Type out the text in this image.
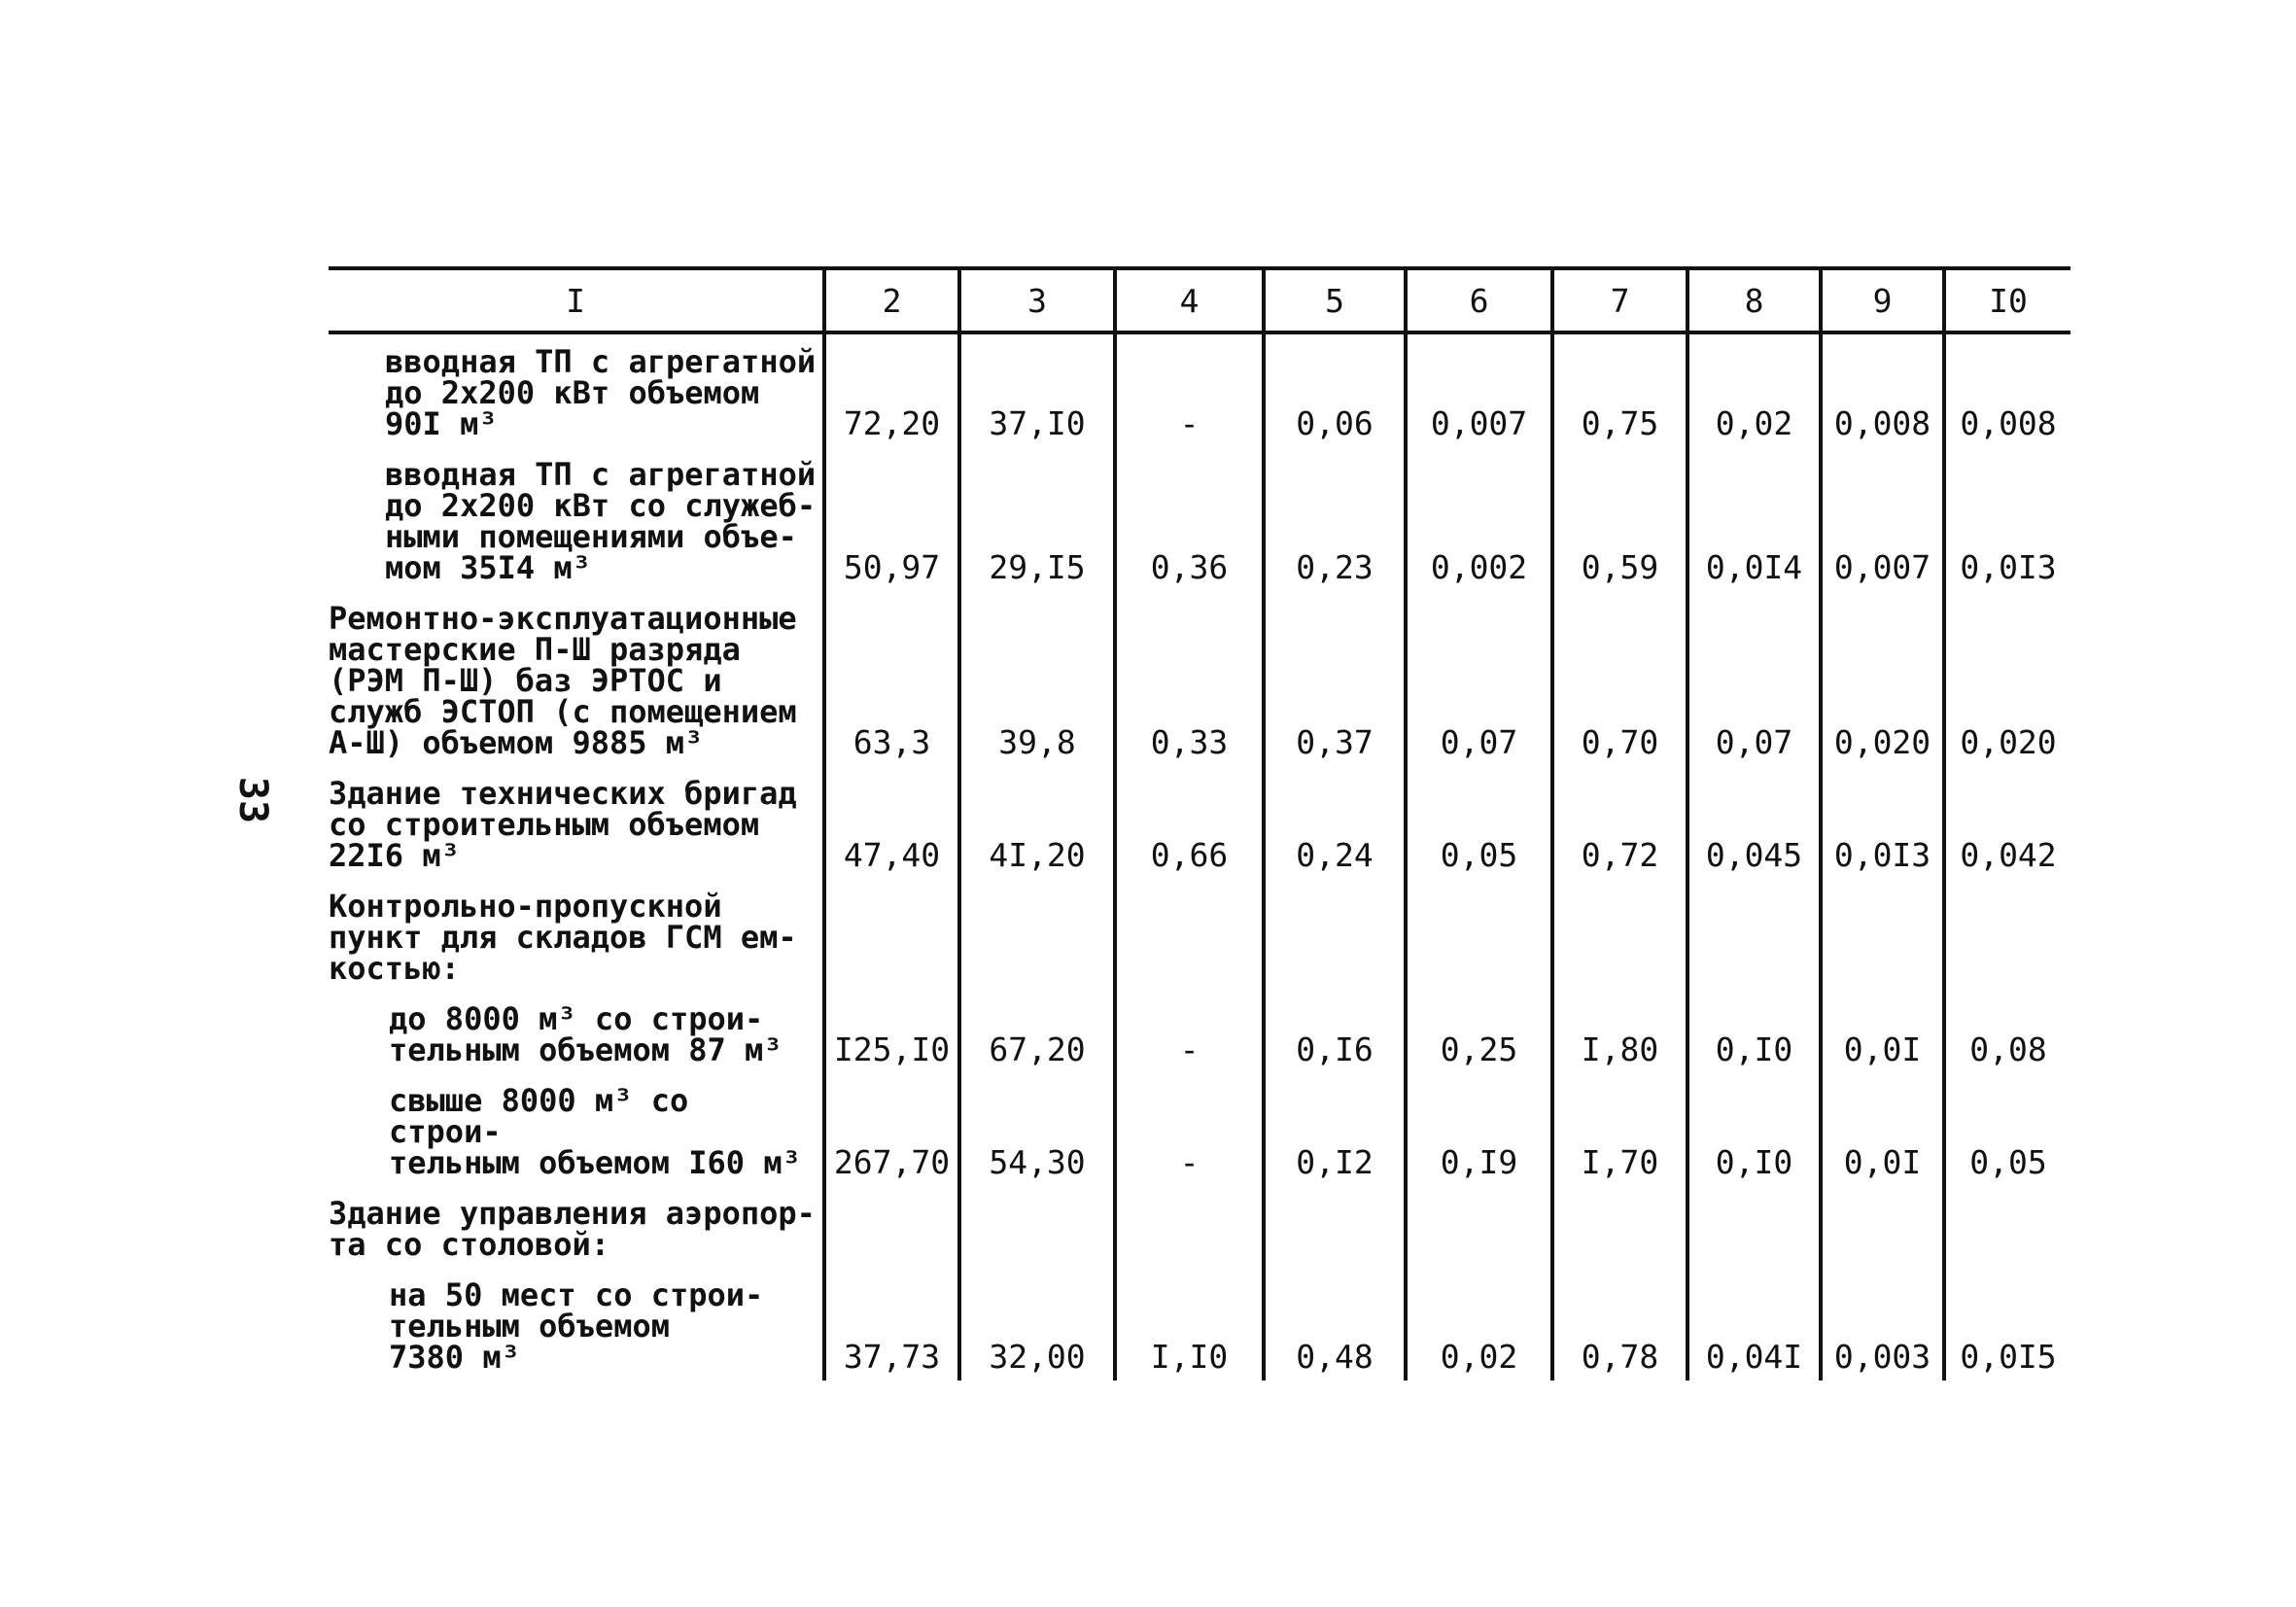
33
I	2	3	4	5	6	7	8	9	I0
вводная ТП с агрегатной
до 2х200 кВт объемом
90I м³	72,20	37,I0	-	0,06	0,007	0,75	0,02	0,008	0,008
вводная ТП с агрегатной
до 2х200 кВт со служеб-
ными помещениями объе-
мом 35I4 м³	50,97	29,I5	0,36	0,23	0,002	0,59	0,0I4	0,007	0,0I3
Ремонтно-эксплуатационные
мастерские П-Ш разряда
(РЭМ П-Ш) баз ЭРТОС и
служб ЭСТОП (с помещением
А-Ш) объемом 9885 м³	63,3	39,8	0,33	0,37	0,07	0,70	0,07	0,020	0,020
Здание технических бригад
со строительным объемом
22I6 м³	47,40	4I,20	0,66	0,24	0,05	0,72	0,045	0,0I3	0,042
Контрольно-пропускной
пункт для складов ГСМ ем-
костью:									
до 8000 м³ со строи-
тельным объемом 87 м³	I25,I0	67,20	-	0,I6	0,25	I,80	0,I0	0,0I	0,08
свыше 8000 м³ со строи-
тельным объемом I60 м³	267,70	54,30	-	0,I2	0,I9	I,70	0,I0	0,0I	0,05
Здание управления аэропор-
та со столовой:									
на 50 мест со строи-
тельным объемом
7380 м³	37,73	32,00	I,I0	0,48	0,02	0,78	0,04I	0,003	0,0I5
